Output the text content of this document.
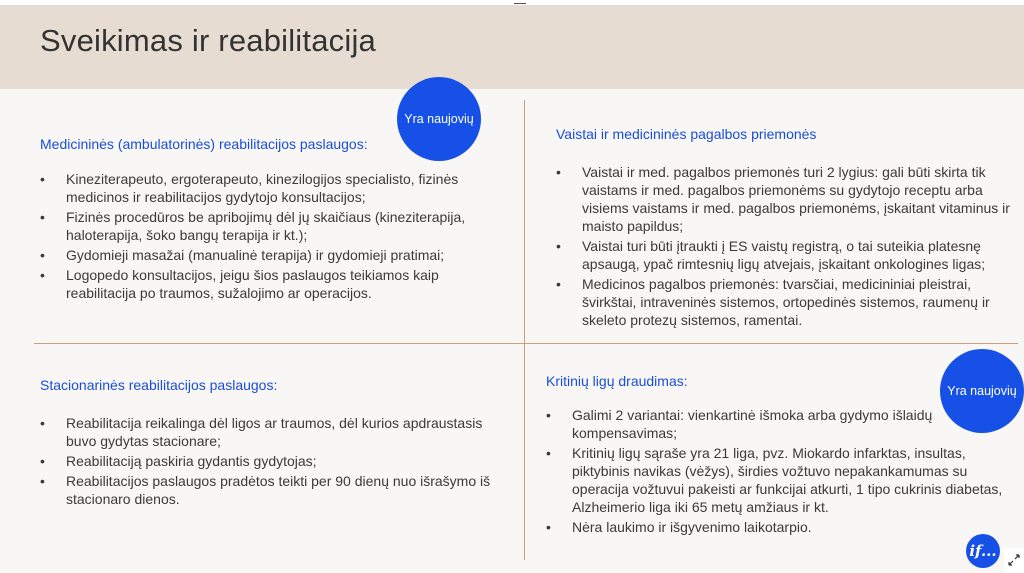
Sveikimas ir reabilitacija
Medicininės (ambulatorinės) reabilitacijos paslaugos:
• Kineziterapeuto, ergoterapeuto, kinezilogijos specialisto, fizinės medicinos ir reabilitacijos gydytojo konsultacijos;
• Fizinės procedūros be apribojimų dėl jų skaičiaus (kineziterapija, haloterapija, šoko bangų terapija ir kt.);
• Gydomieji masažai (manualinė terapija) ir gydomieji pratimai;
• Logopedo konsultacijos, jeigu šios paslaugos teikiamos kaip reabilitacija po traumos, sužalojimo ar operacijos.
Yra naujovių
Vaistai ir medicininės pagalbos priemonės
• Vaistai ir med. pagalbos priemonės turi 2 lygius: gali būti skirta tik vaistams ir med. pagalbos priemonėms su gydytojo receptu arba visiems vaistams ir med. pagalbos priemonėms, įskaitant vitaminus ir maisto papildus;
• Vaistai turi būti įtraukti į ES vaistų registrą, o tai suteikia platesnę apsaugą, ypač rimtesnių ligų atvejais, įskaitant onkologines ligas;
• Medicinos pagalbos priemonės: tvarsčiai, medicininiai pleistrai, švirkštai, intraveninės sistemos, ortopedinės sistemos, raumenų ir skeleto protezų sistemos, ramentai.
Stacionarinės reabilitacijos paslaugos:
• Reabilitacija reikalinga dėl ligos ar traumos, dėl kurios apdraustasis buvo gydytas stacionare;
• Reabilitaciją paskiria gydantis gydytojas;
• Reabilitacijos paslaugos pradėtos teikti per 90 dienų nuo išrašymo iš stacionaro dienos.
Yra naujovių
Kritinių ligų draudimas:
• Galimi 2 variantai: vienkartinė išmoka arba gydymo išlaidų kompensavimas;
• Kritinių ligų sąraše yra 21 liga, pvz. Miokardo infarktas, insultas, piktybinis navikas (vėžys), širdies vožtuvo nepakankamumas su operacija vožtuvui pakeisti ar funkcijai atkurti, 1 tipo cukrinis diabetas, Alzheimerio liga iki 65 metų amžiaus ir kt.
• Nėra laukimo ir išgyvenimo laikotarpio.
if...
